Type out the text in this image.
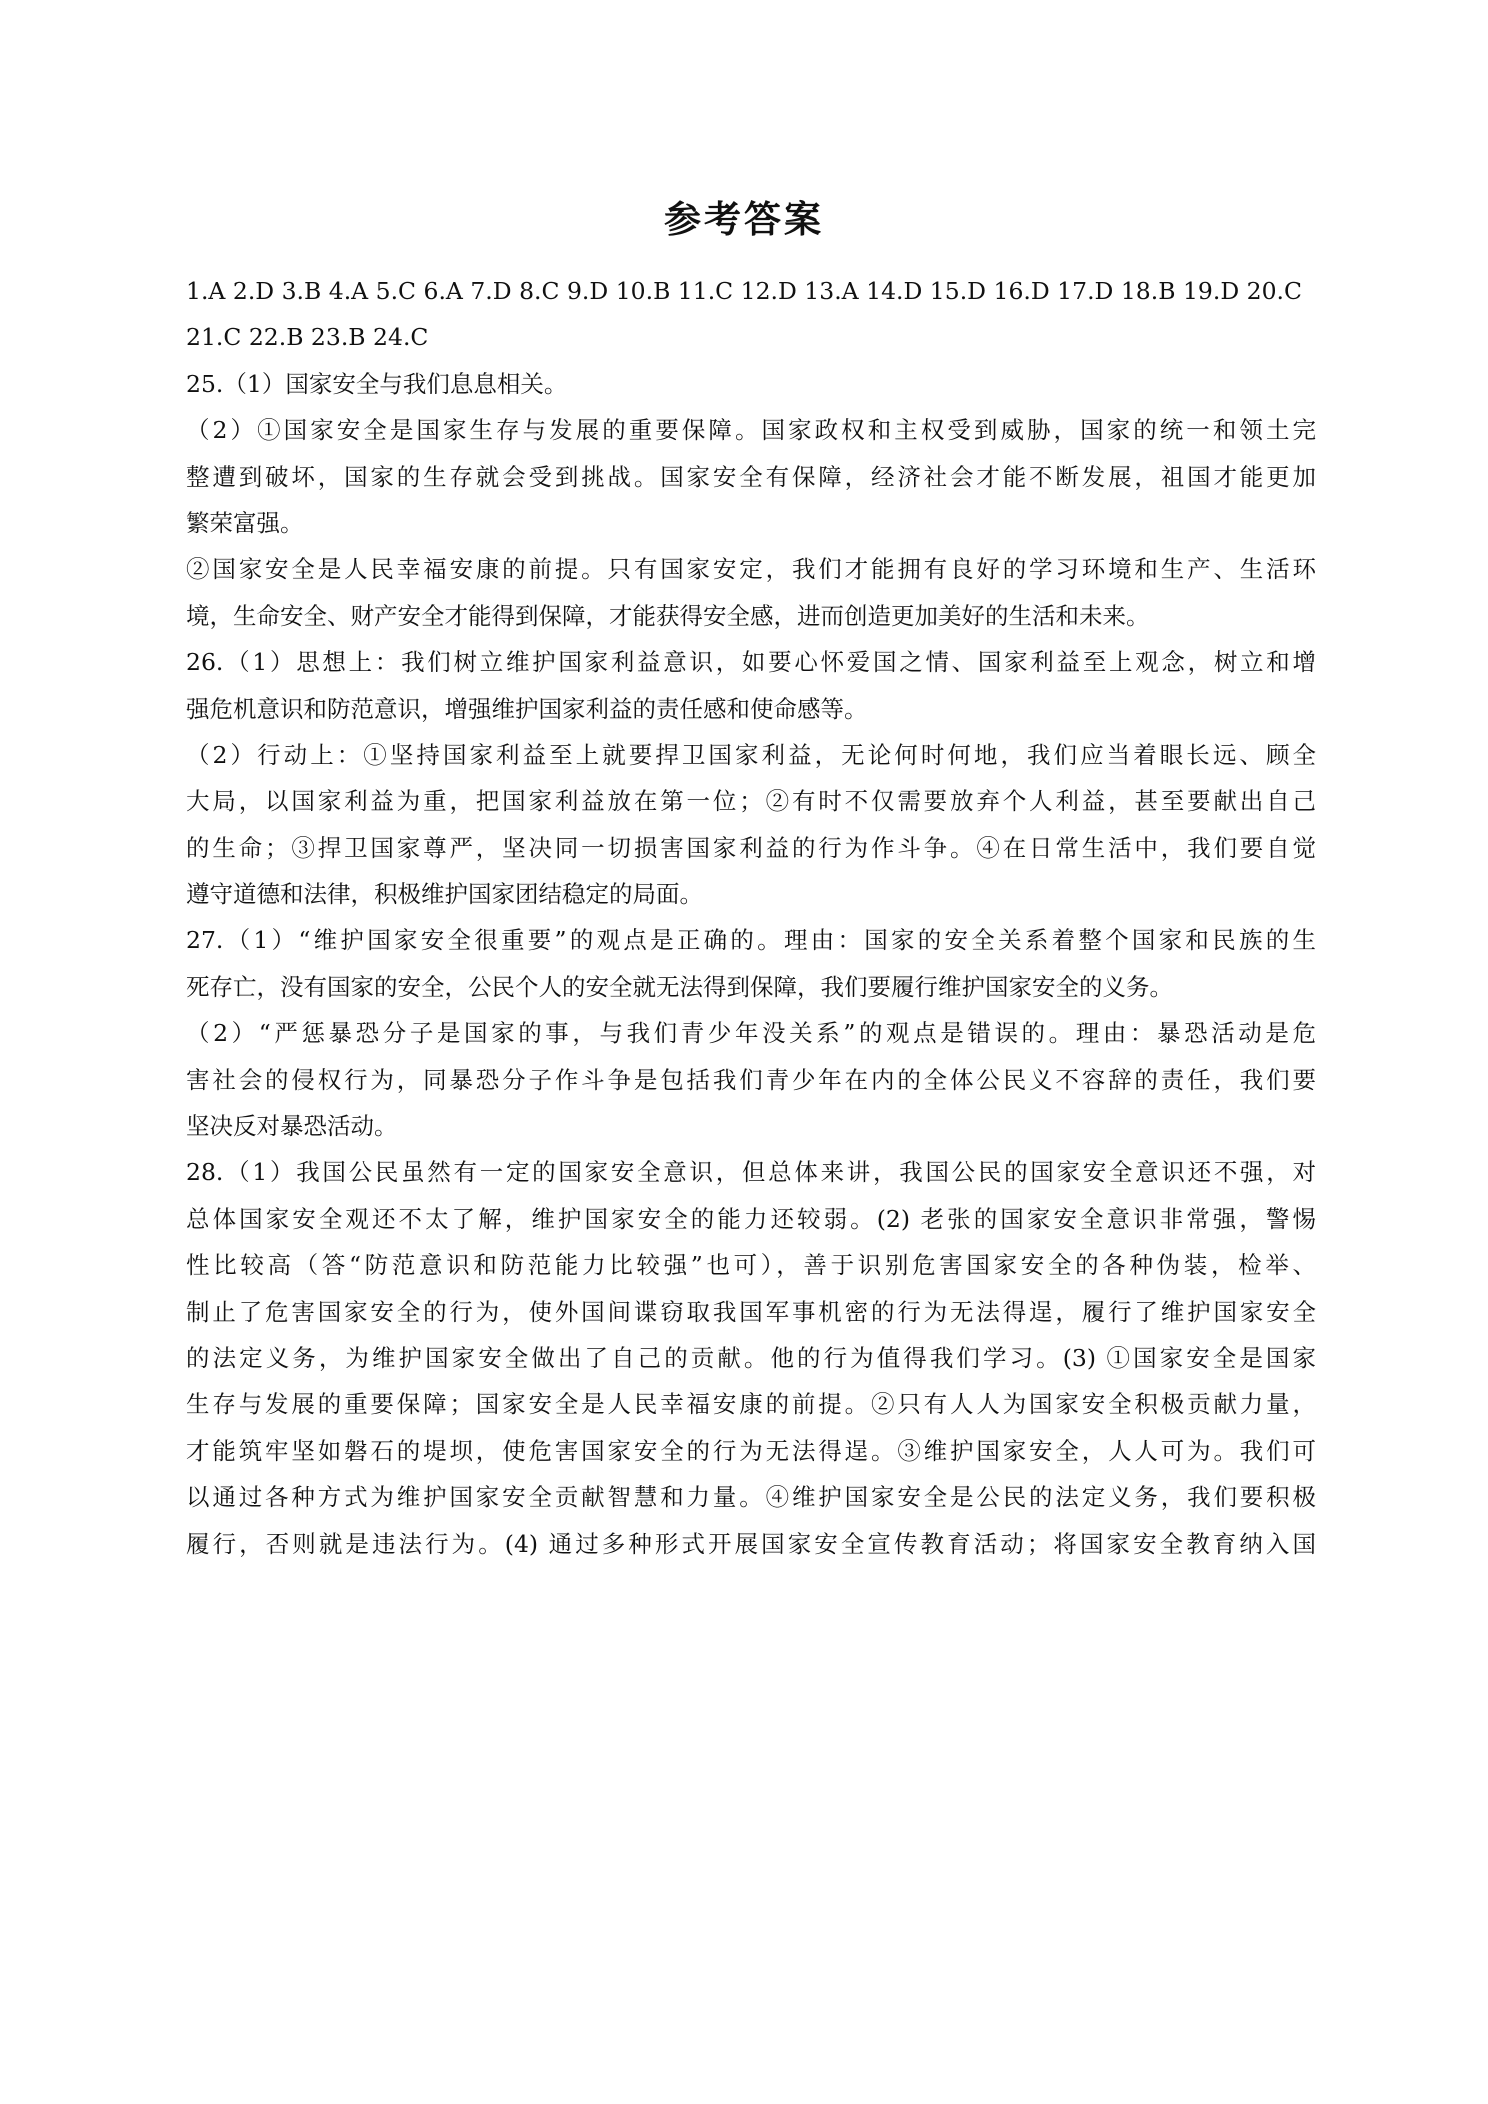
参考答案
1.A 2.D 3.B 4.A 5.C 6.A 7.D 8.C 9.D 10.B 11.C 12.D 13.A 14.D 15.D 16.D 17.D 18.B 19.D 20.C
21.C 22.B 23.B 24.C
25.（1）国家安全与我们息息相关。
（2）①国家安全是国家生存与发展的重要保障。国家政权和主权受到威胁，国家的统一和领土完
整遭到破坏，国家的生存就会受到挑战。国家安全有保障，经济社会才能不断发展，祖国才能更加
繁荣富强。
②国家安全是人民幸福安康的前提。只有国家安定，我们才能拥有良好的学习环境和生产、生活环
境，生命安全、财产安全才能得到保障，才能获得安全感，进而创造更加美好的生活和未来。
26.（1）思想上：我们树立维护国家利益意识，如要心怀爱国之情、国家利益至上观念，树立和增
强危机意识和防范意识，增强维护国家利益的责任感和使命感等。
（2）行动上：①坚持国家利益至上就要捍卫国家利益，无论何时何地，我们应当着眼长远、顾全
大局，以国家利益为重，把国家利益放在第一位；②有时不仅需要放弃个人利益，甚至要献出自己
的生命；③捍卫国家尊严，坚决同一切损害国家利益的行为作斗争。④在日常生活中，我们要自觉
遵守道德和法律，积极维护国家团结稳定的局面。
27.（1）“维护国家安全很重要”的观点是正确的。理由：国家的安全关系着整个国家和民族的生
死存亡，没有国家的安全，公民个人的安全就无法得到保障，我们要履行维护国家安全的义务。
（2）“严惩暴恐分子是国家的事，与我们青少年没关系”的观点是错误的。理由：暴恐活动是危
害社会的侵权行为，同暴恐分子作斗争是包括我们青少年在内的全体公民义不容辞的责任，我们要
坚决反对暴恐活动。
28.（1）我国公民虽然有一定的国家安全意识，但总体来讲，我国公民的国家安全意识还不强，对
总体国家安全观还不太了解，维护国家安全的能力还较弱。(2) 老张的国家安全意识非常强，警惕
性比较高（答“防范意识和防范能力比较强”也可），善于识别危害国家安全的各种伪装，检举、
制止了危害国家安全的行为，使外国间谍窃取我国军事机密的行为无法得逞，履行了维护国家安全
的法定义务，为维护国家安全做出了自己的贡献。他的行为值得我们学习。(3) ①国家安全是国家
生存与发展的重要保障；国家安全是人民幸福安康的前提。②只有人人为国家安全积极贡献力量，
才能筑牢坚如磐石的堤坝，使危害国家安全的行为无法得逞。③维护国家安全，人人可为。我们可
以通过各种方式为维护国家安全贡献智慧和力量。④维护国家安全是公民的法定义务，我们要积极
履行，否则就是违法行为。(4) 通过多种形式开展国家安全宣传教育活动；将国家安全教育纳入国
